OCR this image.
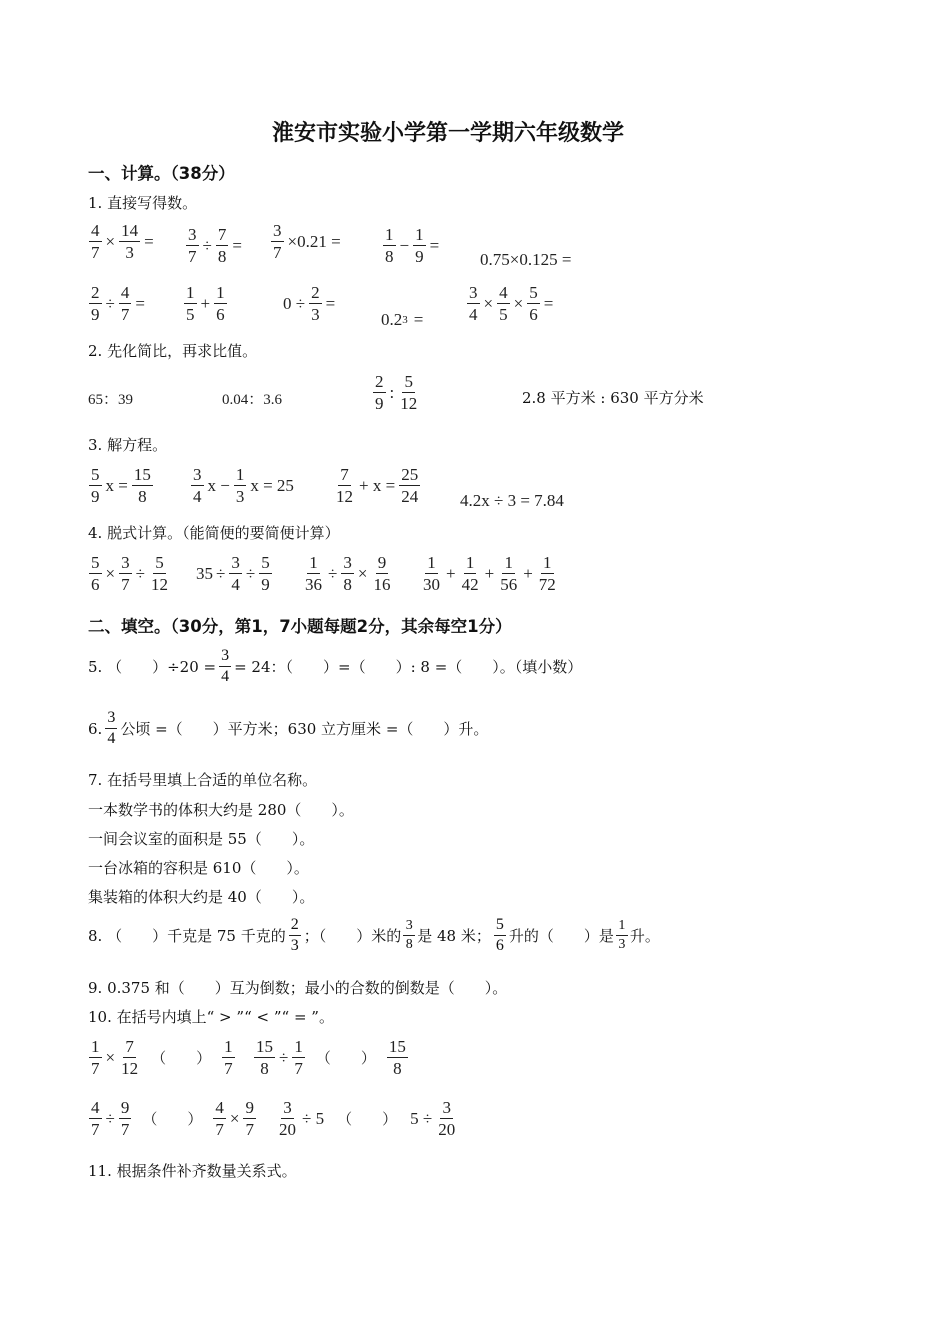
淮安市实验小学第一学期六年级数学
一、计算。（38分）
1. 直接写得数。
$\frac{4}{7} \times \frac{14}{3} = \frac{3}{7} \div \frac{7}{8} = \frac{3}{7} \times 0.21 = \frac{1}{8} - \frac{1}{9}$ =
0.75×0.125 =
$\frac{2}{9} \div \frac{4}{7} = \frac{1}{5} + \frac{1}{6}$	$0 \div \frac{2}{3}$ =
0.2 3 =	$\frac{3}{4} \times \frac{4}{5} \times \frac{5}{6}$ =
2. 先化简比，再求比值。
65：39	0.04：3.6	$\frac{2}{9}$ : $\frac{5}{12}$	2.8 平方米 : 630 平方分米
3. 解方程。
$\frac{5}{9}$ $x = \frac{15}{8} \frac{3}{4}$ $x - \frac{1}{3}$ $x = 25 \frac{7}{12} + x = \frac{25}{24} 4.2x \div 3 = 7.84$
4. 脱式计算。（能简便的要简便计算）
$\frac{5}{6} \times \frac{3}{7} \div \frac{5}{12} 35 \div \frac{3}{4} \div \frac{5}{9} \frac{1}{36} \div \frac{3}{8} \times \frac{9}{16} \frac{1}{30} + \frac{1}{42} + \frac{1}{56} + \frac{1}{72}$
二、填空。（30分，第1，7小题每题2分，其余每空1分）
5. （　　）$\div 20 = \frac{3}{4} = 24$：（　　）=（　　）: 8 =（　　）。（填小数）
6. $\frac{3}{4}$ 公顷 =（　　）平方米；630 立方厘米 =（　　）升。
7. 在括号里填上合适的单位名称。
一本数学书的体积大约是 280（　　）。
一间会议室的面积是 55（　　）。
一台冰箱的容积是 610（　　）。
集装箱的体积大约是 40（　　）。
8. （　　）千克是 75 千克的 $\frac{2}{3}$ ；（　　）米的 $\frac{3}{8}$ 是 48 米； $\frac{5}{6}$ 升的（　　）是 $\frac{1}{3}$ 升。
9. 0.375 和（　　）互为倒数；最小的合数的倒数是（　　）。
10. 在括号内填上“ > ”“ < ”“ = ”。
$\frac{1}{7} \times \frac{7}{12}$ （　　） $\frac{1}{7} \frac{15}{8} \div \frac{1}{7}$ （　　） $\frac{15}{8}$
$\frac{4}{7} \div \frac{9}{7}$ （　　） $\frac{4}{7} \times \frac{9}{7} \frac{3}{20} \div 5$ （　　） $5 \div \frac{3}{20}$
11. 根据条件补齐数量关系式。
